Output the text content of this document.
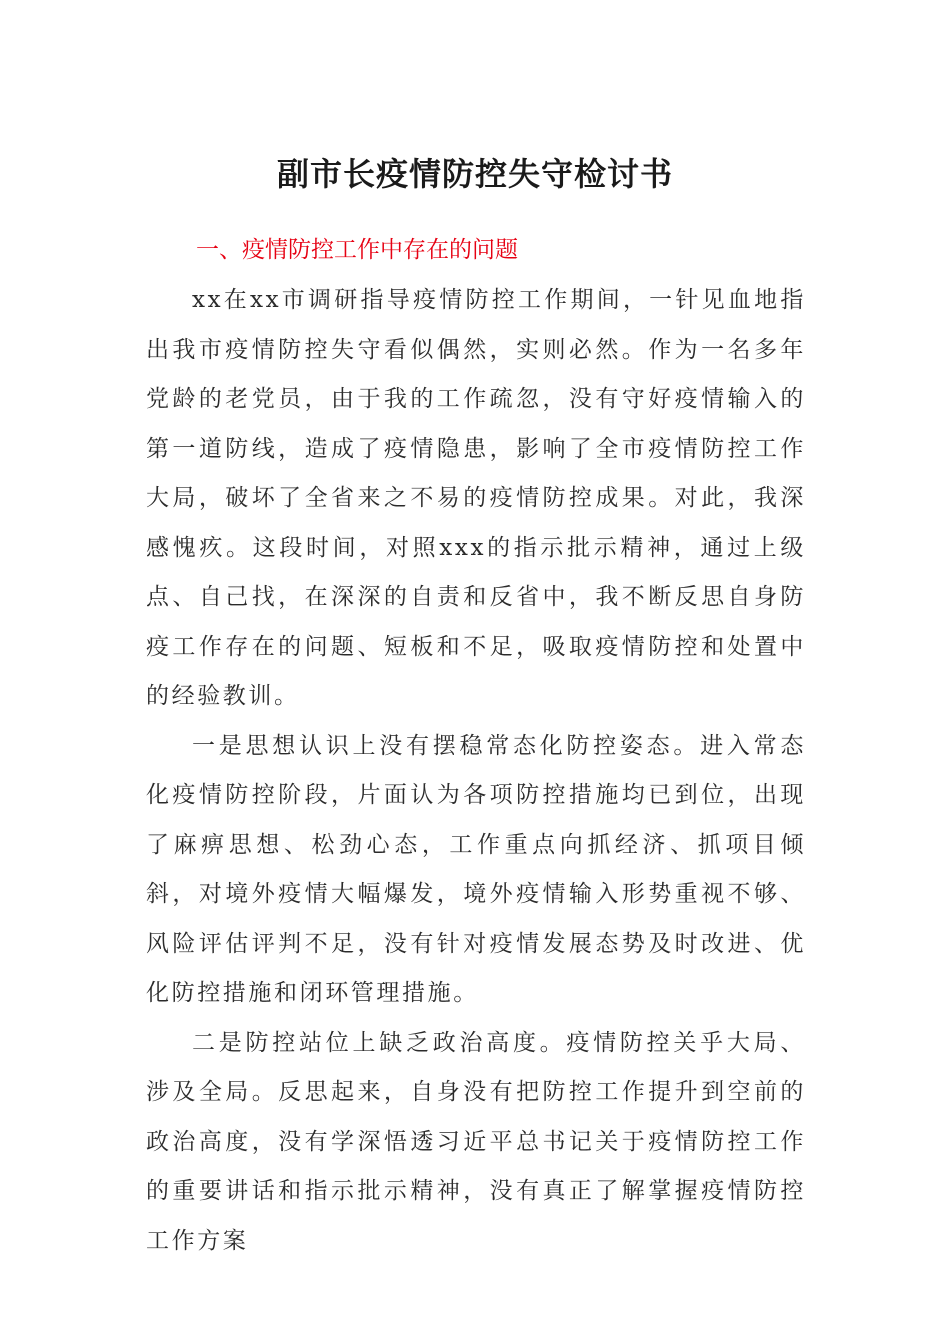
副市长疫情防控失守检讨书
一、疫情防控工作中存在的问题

xx在xx市调研指导疫情防控工作期间，一针见血地指出我市疫情防控失守看似偶然，实则必然。作为一名多年党龄的老党员，由于我的工作疏忽，没有守好疫情输入的第一道防线，造成了疫情隐患，影响了全市疫情防控工作大局，破坏了全省来之不易的疫情防控成果。对此，我深感愧疚。这段时间，对照xxx的指示批示精神，通过上级点、自己找，在深深的自责和反省中，我不断反思自身防疫工作存在的问题、短板和不足，吸取疫情防控和处置中的经验教训。

一是思想认识上没有摆稳常态化防控姿态。进入常态化疫情防控阶段，片面认为各项防控措施均已到位，出现了麻痹思想、松劲心态，工作重点向抓经济、抓项目倾斜，对境外疫情大幅爆发，境外疫情输入形势重视不够、风险评估评判不足，没有针对疫情发展态势及时改进、优化防控措施和闭环管理措施。

二是防控站位上缺乏政治高度。疫情防控关乎大局、涉及全局。反思起来，自身没有把防控工作提升到空前的政治高度，没有学深悟透习近平总书记关于疫情防控工作的重要讲话和指示批示精神，没有真正了解掌握疫情防控工作方案
